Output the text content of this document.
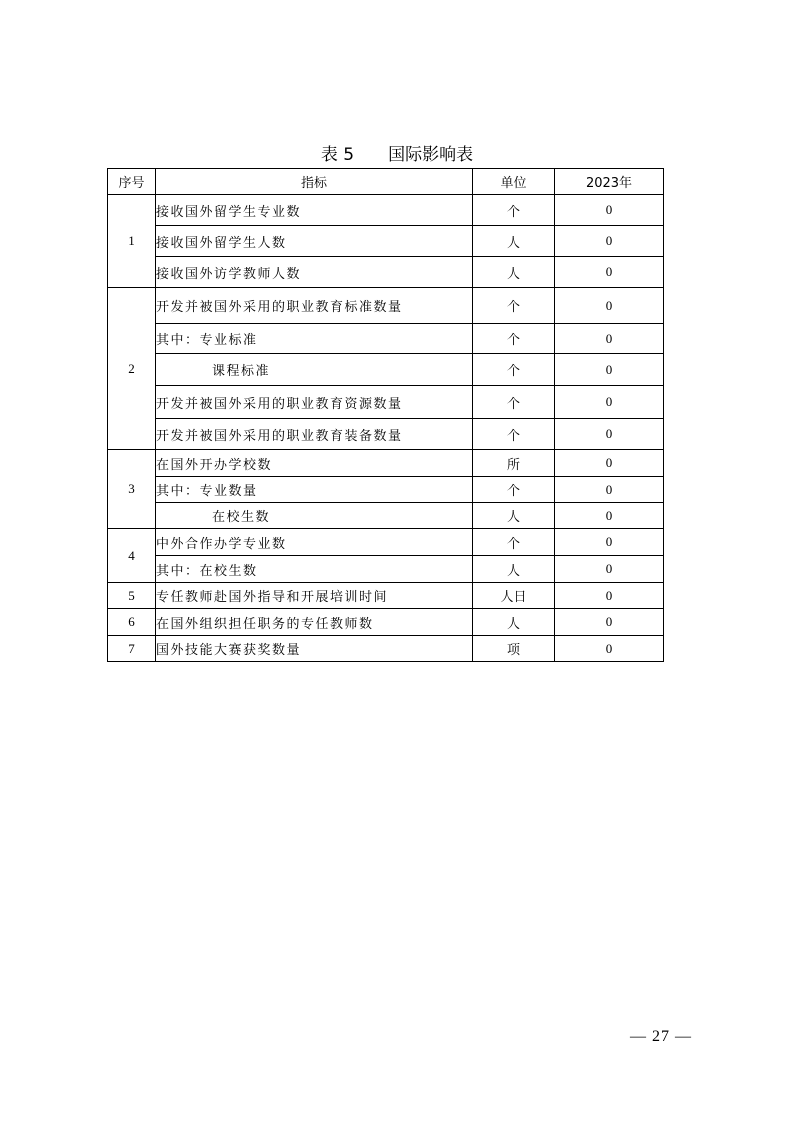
表 5 国际影响表
序号	指标	单位	2023年
1	接收国外留学生专业数	个	0
	接收国外留学生人数	人	0
	接收国外访学教师人数	人	0
2	开发并被国外采用的职业教育标准数量	个	0
	其中：专业标准	个	0
	课程标准	个	0
	开发并被国外采用的职业教育资源数量	个	0
	开发并被国外采用的职业教育装备数量	个	0
3	在国外开办学校数	所	0
	其中：专业数量	个	0
	在校生数	人	0
4	中外合作办学专业数	个	0
	其中：在校生数	人	0
5	专任教师赴国外指导和开展培训时间	人日	0
6	在国外组织担任职务的专任教师数	人	0
7	国外技能大赛获奖数量	项	0
— 27 —
